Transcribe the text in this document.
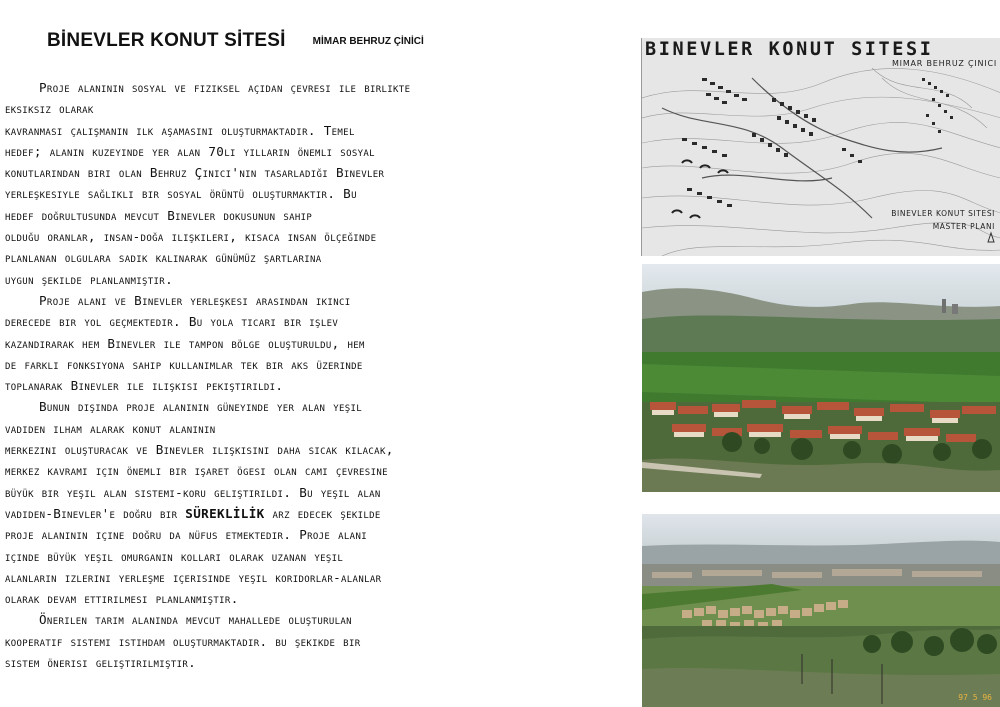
BİNEVLER KONUT SİTESİ	MİMAR BEHRUZ ÇİNİCİ

Proje alanının sosyal ve fiziksel açıdan çevresi ile birlikte

eksiksiz olarak

kavranması çalışmanın ilk aşamasını oluşturmaktadır. Temel

hedef; alanın kuzeyinde yer alan 70li yılların önemli sosyal

konutlarından biri olan Behruz Çinıcı'nın tasarladığı Binevler

yerleşkesiyle sağlıklı bir sosyal örüntü oluşturmaktır. Bu

hedef doğrultusunda mevcut Binevler dokusunun sahip

olduğu oranlar, insan-doğa ilişkileri, kısaca insan ölçeğinde

planlanan olgulara sadık kalınarak günümüz şartlarına

uygun şekilde planlanmıştır.

Proje alanı ve Binevler yerleşkesi arasından ikinci

derecede bir yol geçmektedir. Bu yola ticari bir işlev

kazandırarak hem Binevler ile tampon bölge oluşturuldu, hem

de farklı fonksiyona sahip kullanımlar tek bir aks üzerinde

toplanarak Binevler ile ilişkisi pekiştirildi.

Bunun dışında proje alanının güneyinde yer alan yeşil

vadiden ilham alarak konut alanının

merkezini oluşturacak ve Binevler ilişkisini daha sıcak kılacak,

merkez kavramı için önemli bir işaret ögesi olan camı çevresine

büyük bir yeşil alan sistemi-koru geliştirildi. Bu yeşil alan

vadiden-Binevler'e doğru bir SÜREKLİLİK arz edecek şekilde

proje alanının içine doğru da nüfus etmektedir. Proje alanı

içinde büyük yeşil omurganın kolları olarak uzanan yeşil

alanların izlerini yerleşme içerisinde yeşil koridorlar-alanlar

olarak devam ettirilmesi planlanmıştır.

Önerilen tarım alanında mevcut mahallede oluşturulan

kooperatif sistemi istihdam oluşturmaktadır. bu şekikde bir

sistem önerisi geliştirilmiştir.

BINEVLER KONUT SITESI
MIMAR BEHRUZ ÇINICI
BINEVLER KONUT SITESI
MASTER PLANI
97 5 96
